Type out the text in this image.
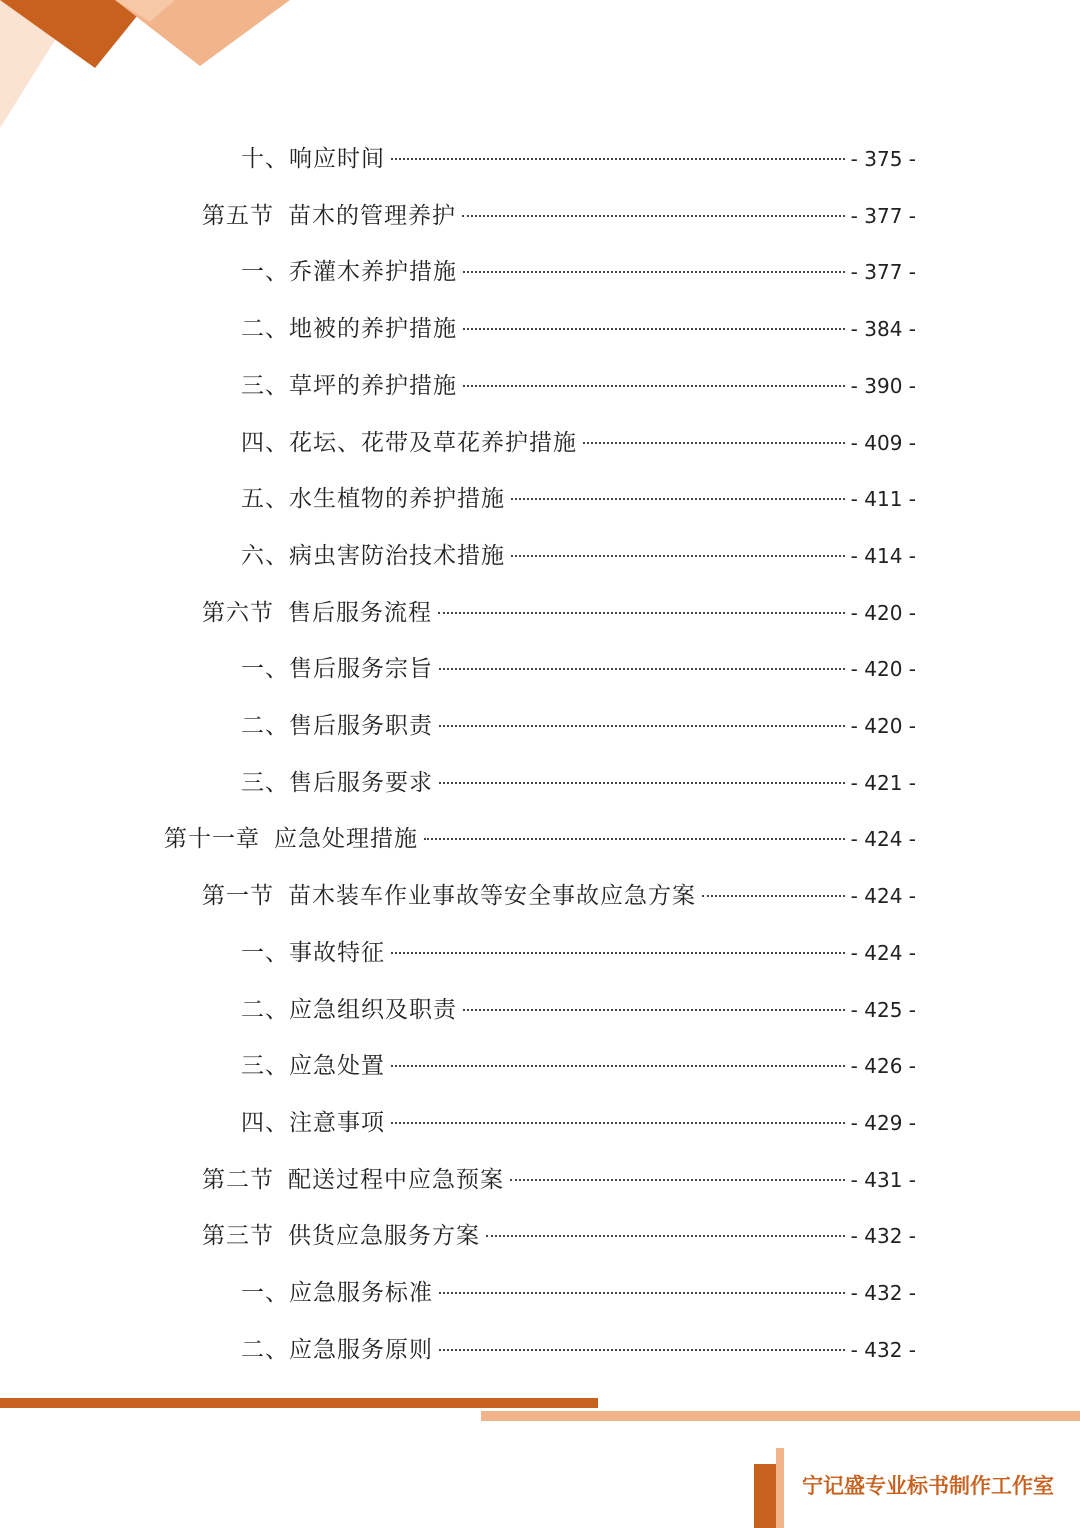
十、响应时间	- 375 -
第五节 苗木的管理养护	- 377 -
一、乔灌木养护措施	- 377 -
二、地被的养护措施	- 384 -
三、草坪的养护措施	- 390 -
四、花坛、花带及草花养护措施	- 409 -
五、水生植物的养护措施	- 411 -
六、病虫害防治技术措施	- 414 -
第六节 售后服务流程	- 420 -
一、售后服务宗旨	- 420 -
二、售后服务职责	- 420 -
三、售后服务要求	- 421 -
第十一章 应急处理措施	- 424 -
第一节 苗木装车作业事故等安全事故应急方案	- 424 -
一、事故特征	- 424 -
二、应急组织及职责	- 425 -
三、应急处置	- 426 -
四、注意事项	- 429 -
第二节 配送过程中应急预案	- 431 -
第三节 供货应急服务方案	- 432 -
一、应急服务标准	- 432 -
二、应急服务原则	- 432 -
宁记盛专业标书制作工作室
